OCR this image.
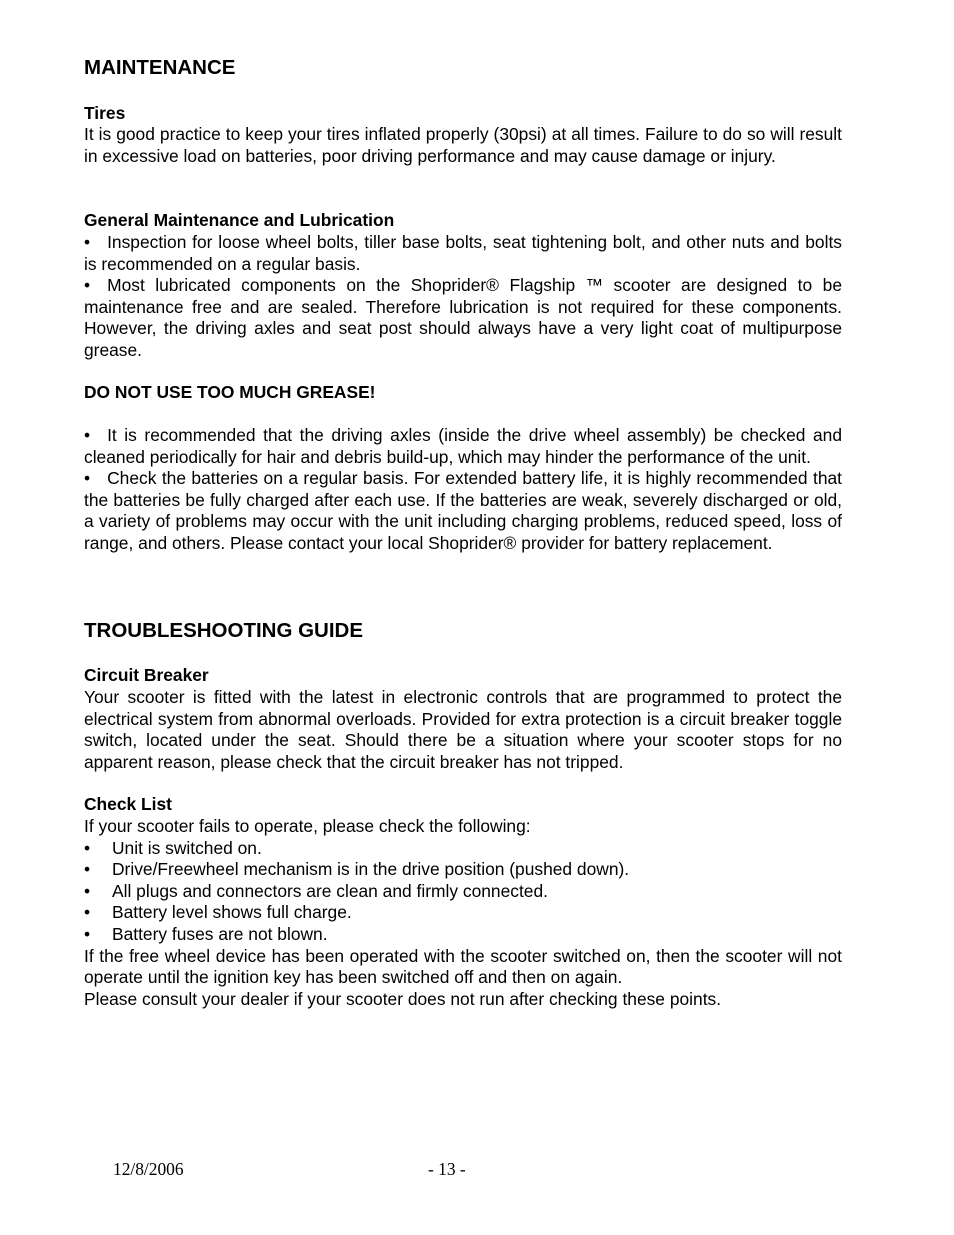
MAINTENANCE
Tires

It is good practice to keep your tires inflated properly (30psi) at all times. Failure to do so will result in excessive load on batteries, poor driving performance and may cause damage or injury.

General Maintenance and Lubrication

• Inspection for loose wheel bolts, tiller base bolts, seat tightening bolt, and other nuts and bolts is recommended on a regular basis.

• Most lubricated components on the Shoprider® Flagship ™ scooter are designed to be maintenance free and are sealed. Therefore lubrication is not required for these components. However, the driving axles and seat post should always have a very light coat of multipurpose grease.

DO NOT USE TOO MUCH GREASE!

• It is recommended that the driving axles (inside the drive wheel assembly) be checked and cleaned periodically for hair and debris build-up, which may hinder the performance of the unit.

• Check the batteries on a regular basis. For extended battery life, it is highly recommended that the batteries be fully charged after each use. If the batteries are weak, severely discharged or old, a variety of problems may occur with the unit including charging problems, reduced speed, loss of range, and others. Please contact your local Shoprider® provider for battery replacement.

TROUBLESHOOTING GUIDE
Circuit Breaker

Your scooter is fitted with the latest in electronic controls that are programmed to protect the electrical system from abnormal overloads. Provided for extra protection is a circuit breaker toggle switch, located under the seat. Should there be a situation where your scooter stops for no apparent reason, please check that the circuit breaker has not tripped.

Check List

If your scooter fails to operate, please check the following:

• Unit is switched on.
• Drive/Freewheel mechanism is in the drive position (pushed down).
• All plugs and connectors are clean and firmly connected.
• Battery level shows full charge.
• Battery fuses are not blown.

If the free wheel device has been operated with the scooter switched on, then the scooter will not operate until the ignition key has been switched off and then on again.

Please consult your dealer if your scooter does not run after checking these points.

12/8/2006	- 13 -
